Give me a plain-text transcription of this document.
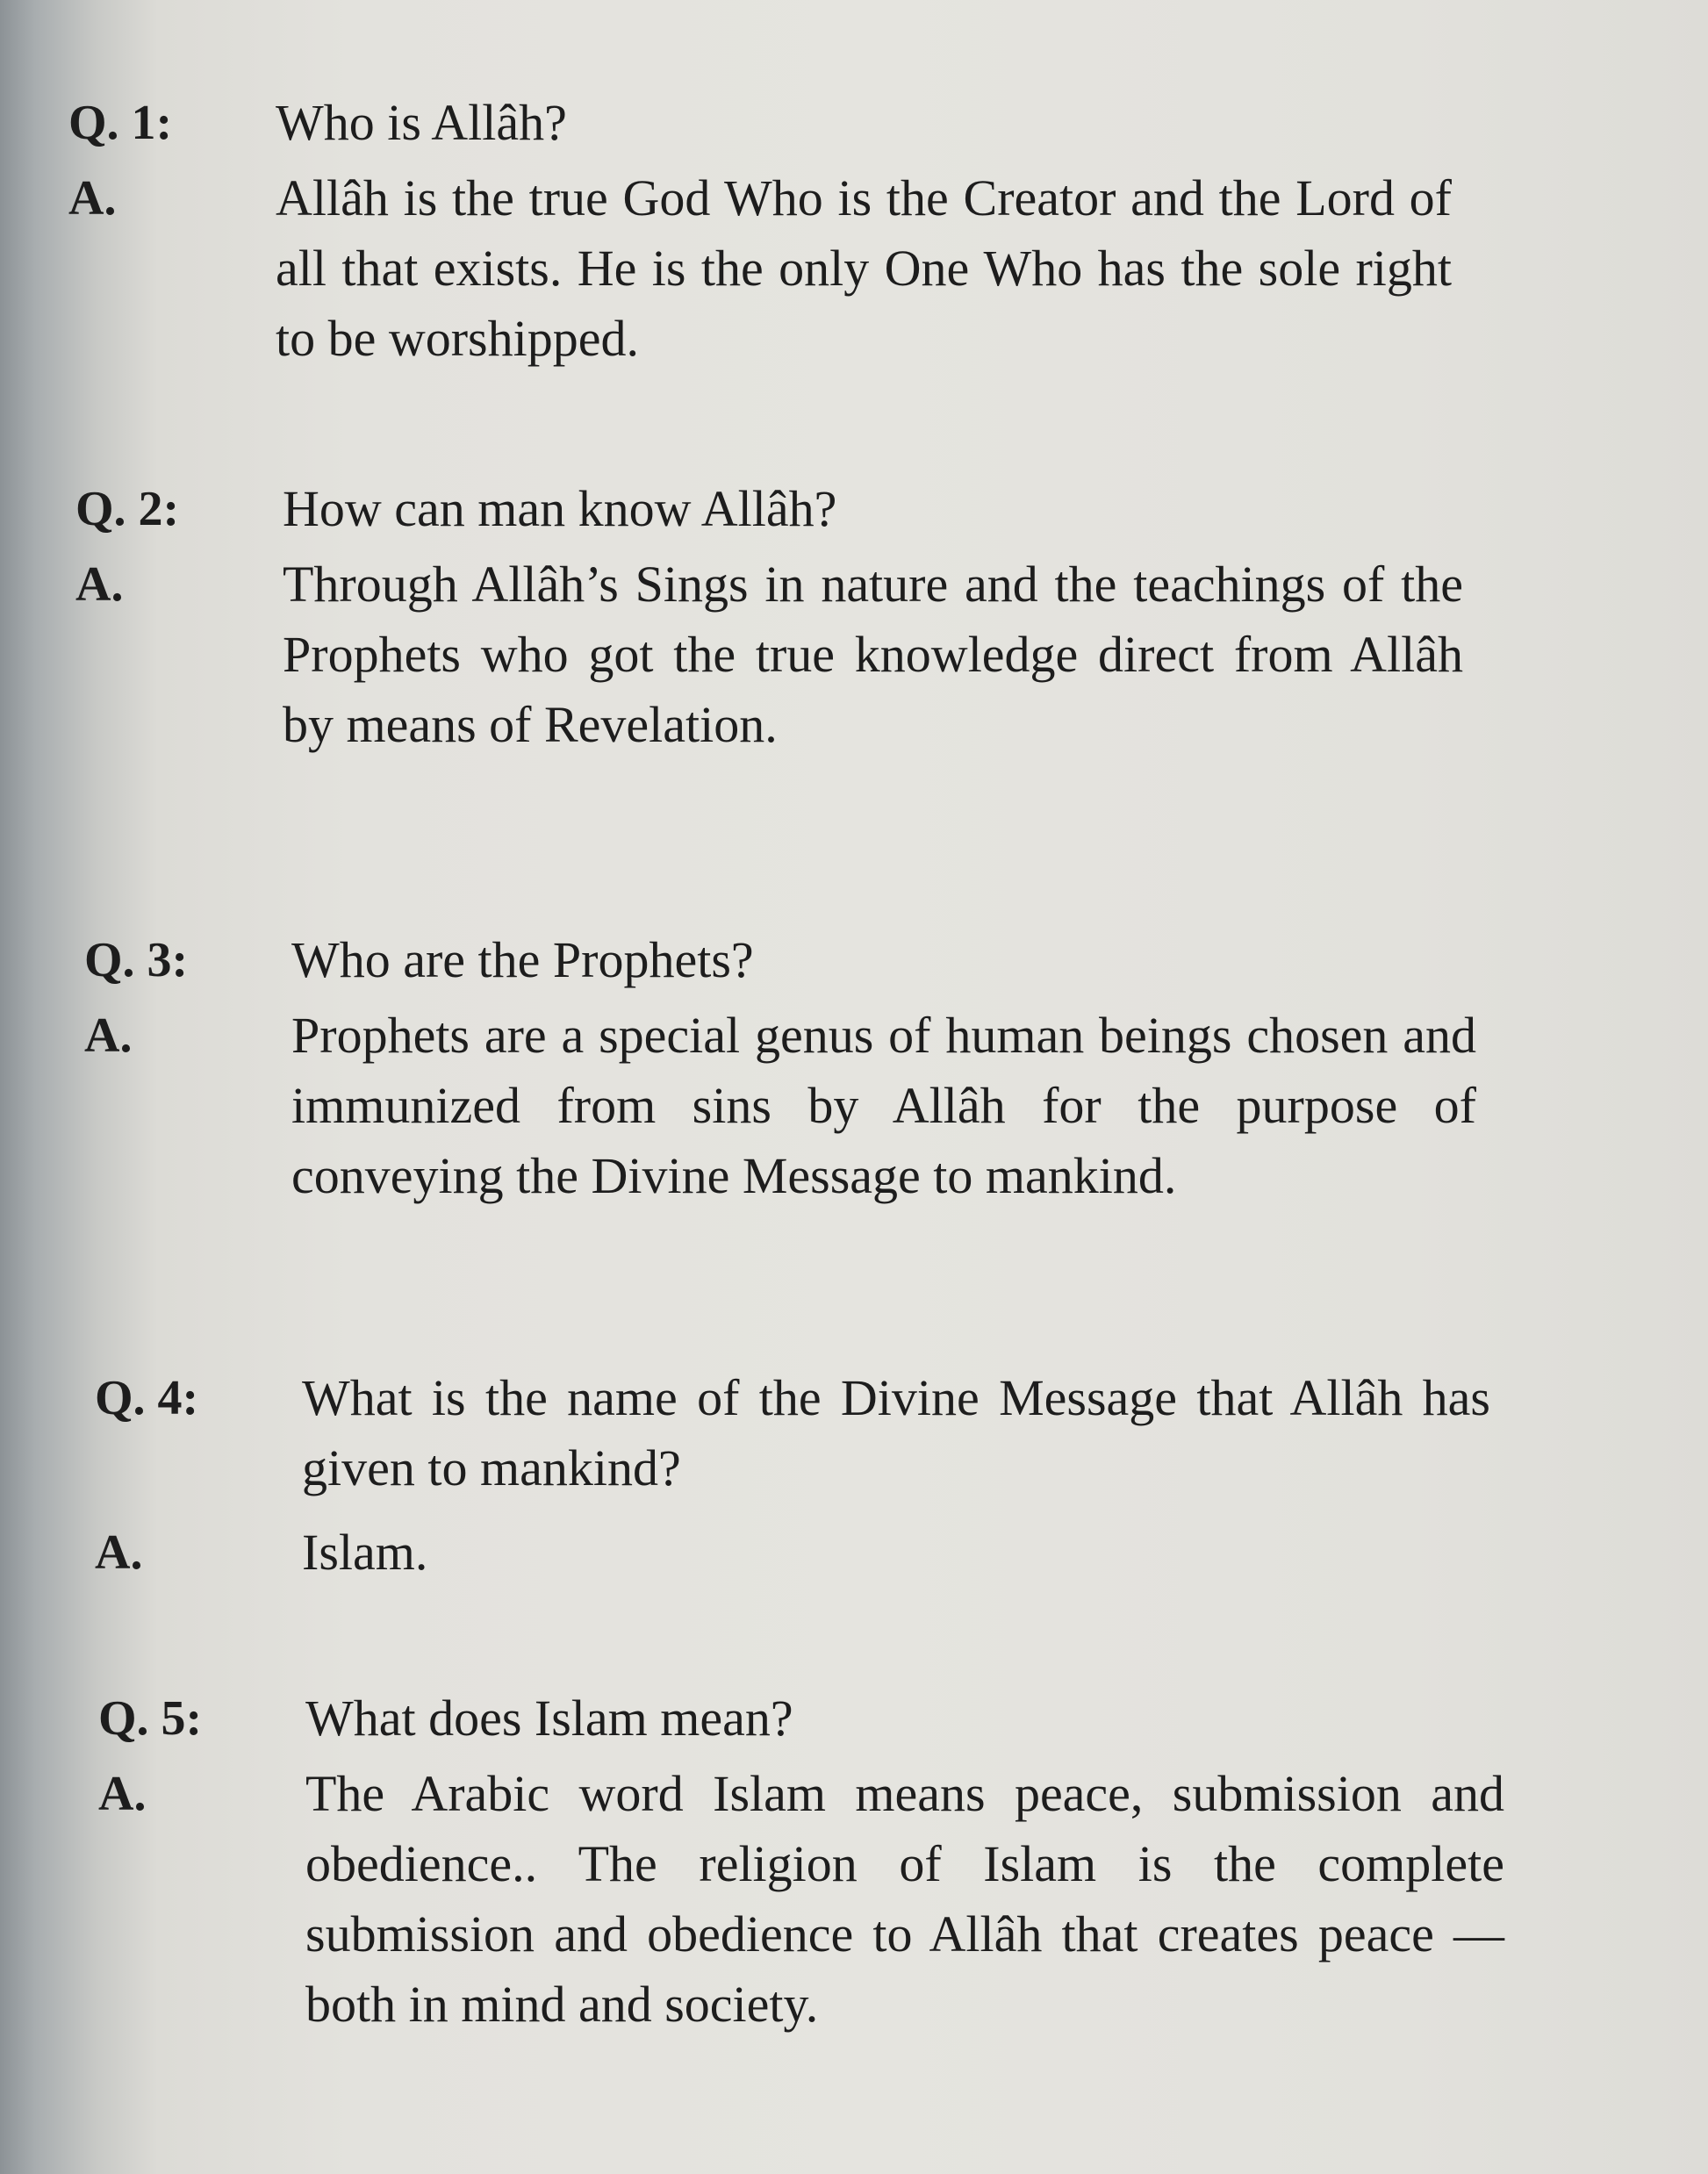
Q. 1:	Who is Allâh?
A.	Allâh is the true God Who is the Creator and the Lord of all that exists. He is the only One Who has the sole right to be worshipped.
Q. 2:	How can man know Allâh?
A.	Through Allâh’s Sings in nature and the teachings of the Prophets who got the true knowledge direct from Allâh by means of Revelation.
Q. 3:	Who are the Prophets?
A.	Prophets are a special genus of human beings chosen and immunized from sins by Allâh for the purpose of conveying the Divine Message to mankind.
Q. 4:	What is the name of the Divine Message that Allâh has given to mankind?
A.	Islam.
Q. 5:	What does Islam mean?
A.	The Arabic word Islam means peace, submission and obedience.. The religion of Islam is the complete submission and obedience to Allâh that creates peace — both in mind and society.
